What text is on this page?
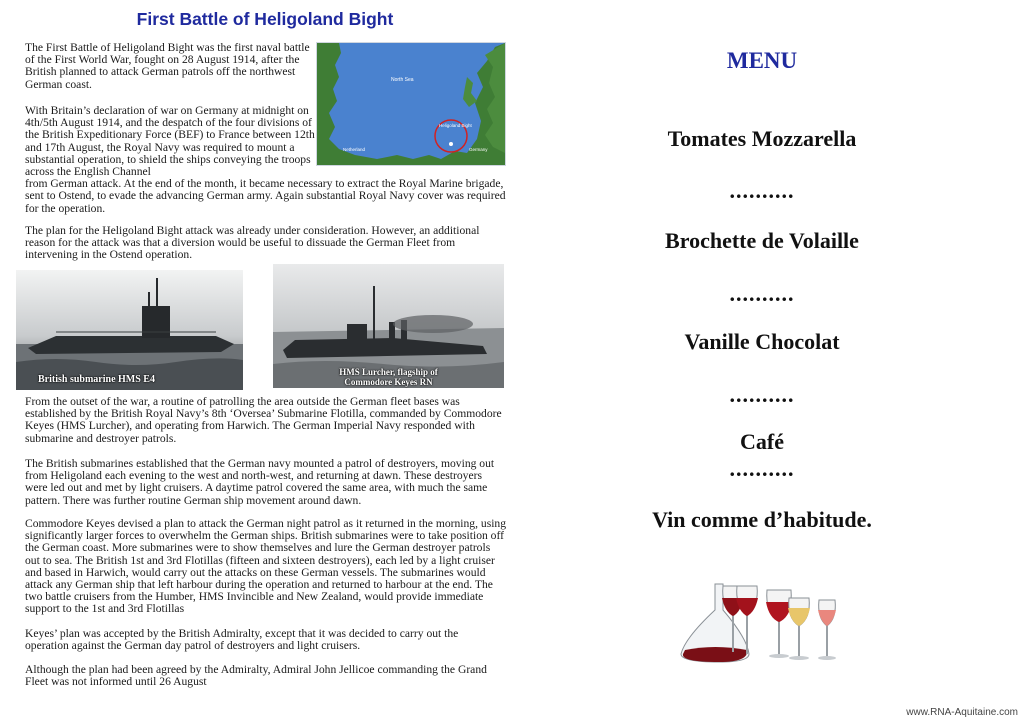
First Battle of Heligoland Bight

The First Battle of Heligoland Bight was the first naval battle of the First World War, fought on 28 August 1914, after the British planned to attack German patrols off the northwest German coast.

With Britain’s declaration of war on Germany at midnight on 4th/5th August 1914, and the despatch of the four divisions of the British Expeditionary Force (BEF) to France between 12th and 17th August, the Royal Navy was required to mount a substantial operation, to shield the ships conveying the troops across the English Channel
from German attack. At the end of the month, it became necessary to extract the Royal Marine brigade, sent to Ostend, to evade the advancing German army. Again substantial Royal Navy cover was required for the operation.

The plan for the Heligoland Bight attack was already under consideration. However, an additional reason for the attack was that a diversion would be useful to dissuade the German Fleet from intervening in the Ostend operation.

North Sea
Heligoland Bight
Netherland	Germany
British submarine HMS E4
HMS Lurcher, flagship of
Commodore Keyes RN

From the outset of the war, a routine of patrolling the area outside the German fleet bases was established by the British Royal Navy’s 8th ‘Oversea’ Submarine Flotilla, commanded by Commodore Keyes (HMS Lurcher), and operating from Harwich. The German Imperial Navy responded with submarine and destroyer patrols.

The British submarines established that the German navy mounted a patrol of destroyers, moving out from Heligoland each evening to the west and north-west, and returning at dawn. These destroyers were led out and met by light cruisers. A daytime patrol covered the same area, with much the same pattern. There was further routine German ship movement around dawn.

Commodore Keyes devised a plan to attack the German night patrol as it returned in the morning, using significantly larger forces to overwhelm the German ships. British submarines were to take position off the German coast. More submarines were to show themselves and lure the German destroyer patrols out to sea. The British 1st and 3rd Flotillas (fifteen and sixteen destroyers), each led by a light cruiser and based in Harwich, would carry out the attacks on these German vessels. The submarines would attack any German ship that left harbour during the operation and returned to harbour at the end. The two battle cruisers from the Humber, HMS Invincible and New Zealand, would provide immediate support to the 1st and 3rd Flotillas

Keyes’ plan was accepted by the British Admiralty, except that it was decided to carry out the operation against the German day patrol of destroyers and light cruisers.

Although the plan had been agreed by the Admiralty, Admiral John Jellicoe commanding the Grand Fleet was not informed until 26 August

MENU
Tomates Mozzarella
..........
Brochette de Volaille
..........
Vanille Chocolat
..........
Café
..........
Vin comme d’habitude.
www.RNA-Aquitaine.com
